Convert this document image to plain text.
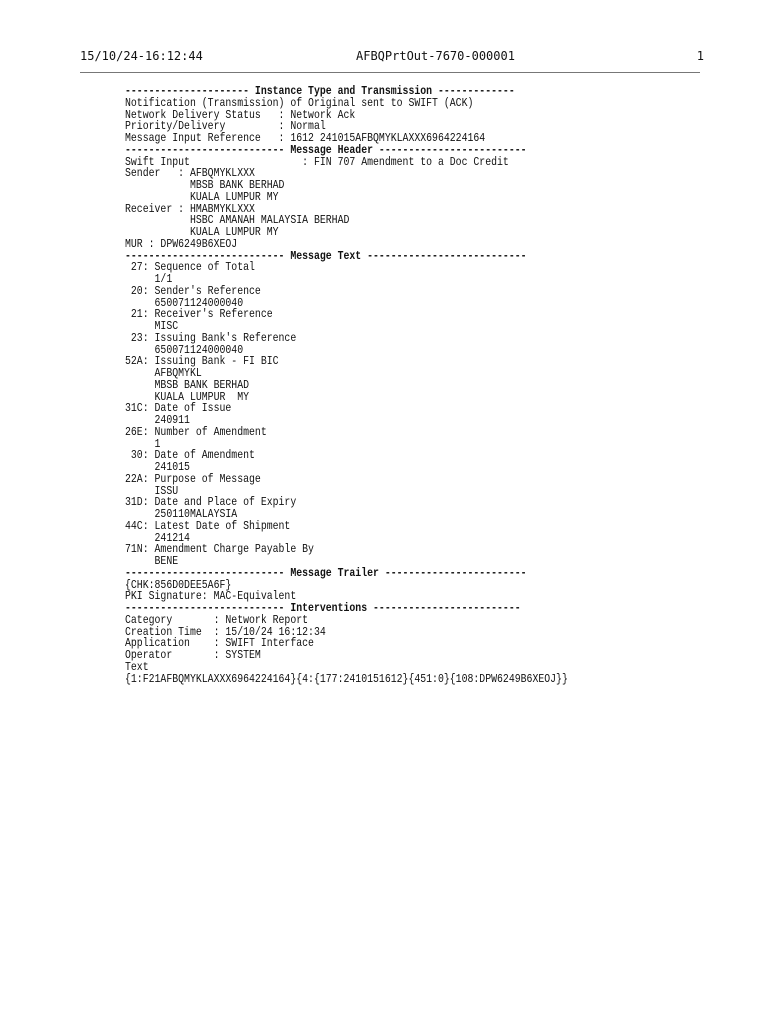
15/10/24-16:12:44	AFBQPrtOut-7670-000001	1
--------------------- Instance Type and Transmission -------------
Notification (Transmission) of Original sent to SWIFT (ACK)
Network Delivery Status   : Network Ack
Priority/Delivery         : Normal
Message Input Reference   : 1612 241015AFBQMYKLAXXX6964224164
--------------------------- Message Header -------------------------
Swift Input                   : FIN 707 Amendment to a Doc Credit
Sender   : AFBQMYKLXXX
MBSB BANK BERHAD
KUALA LUMPUR MY
Receiver : HMABMYKLXXX
HSBC AMANAH MALAYSIA BERHAD
KUALA LUMPUR MY
MUR : DPW6249B6XEOJ
--------------------------- Message Text ---------------------------
27: Sequence of Total
1/1
20: Sender's Reference
650071124000040
21: Receiver's Reference
MISC
23: Issuing Bank's Reference
650071124000040
52A: Issuing Bank - FI BIC
AFBQMYKL
MBSB BANK BERHAD
KUALA LUMPUR  MY
31C: Date of Issue
240911
26E: Number of Amendment
1
30: Date of Amendment
241015
22A: Purpose of Message
ISSU
31D: Date and Place of Expiry
250110MALAYSIA
44C: Latest Date of Shipment
241214
71N: Amendment Charge Payable By
BENE
--------------------------- Message Trailer ------------------------
{CHK:856D0DEE5A6F}
PKI Signature: MAC-Equivalent
--------------------------- Interventions -------------------------
Category       : Network Report
Creation Time  : 15/10/24 16:12:34
Application    : SWIFT Interface
Operator       : SYSTEM
Text
{1:F21AFBQMYKLAXXX6964224164}{4:{177:2410151612}{451:0}{108:DPW6249B6XEOJ}}
